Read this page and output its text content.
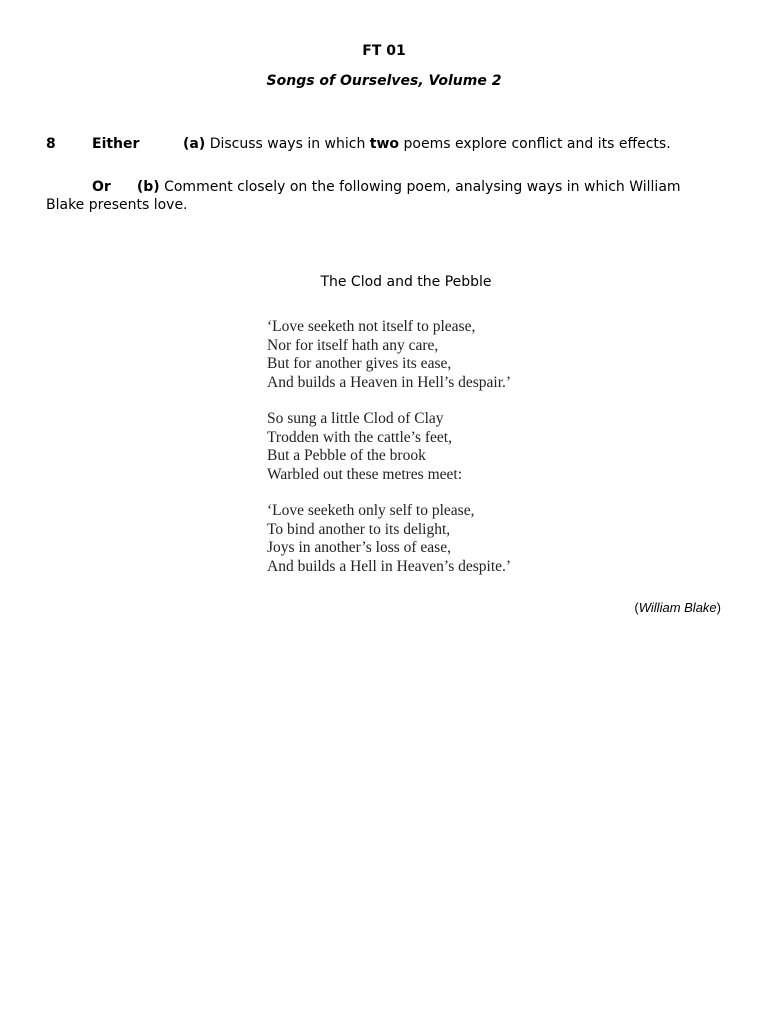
FT 01
Songs of Ourselves, Volume 2
8	Either	(a) Discuss ways in which two poems explore conflict and its effects.
Or (b) Comment closely on the following poem, analysing ways in which William Blake presents love.
The Clod and the Pebble
‘Love seeketh not itself to please,
Nor for itself hath any care,
But for another gives its ease,
And builds a Heaven in Hell’s despair.’
So sung a little Clod of Clay
Trodden with the cattle’s feet,
But a Pebble of the brook
Warbled out these metres meet:
‘Love seeketh only self to please,
To bind another to its delight,
Joys in another’s loss of ease,
And builds a Hell in Heaven’s despite.’
(William Blake)
